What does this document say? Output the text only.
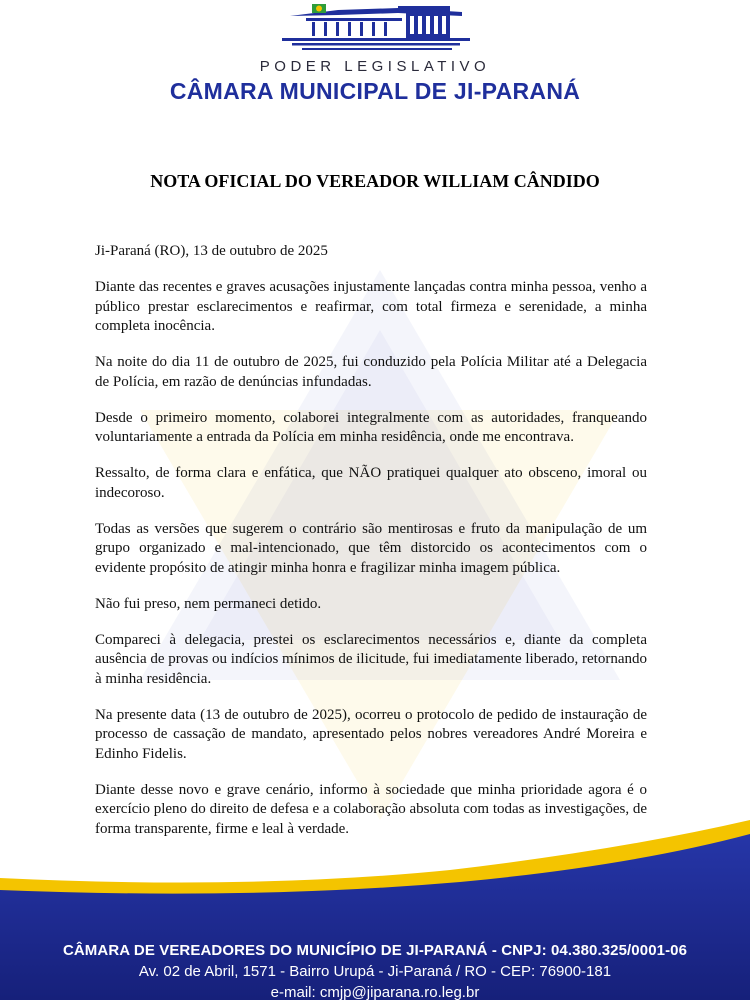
PODER LEGISLATIVO
CÂMARA MUNICIPAL DE JI-PARANÁ
NOTA OFICIAL DO VEREADOR WILLIAM CÂNDIDO

Ji-Paraná (RO), 13 de outubro de 2025

Diante das recentes e graves acusações injustamente lançadas contra minha pessoa, venho a público prestar esclarecimentos e reafirmar, com total firmeza e serenidade, a minha completa inocência.

Na noite do dia 11 de outubro de 2025, fui conduzido pela Polícia Militar até a Delegacia de Polícia, em razão de denúncias infundadas.

Desde o primeiro momento, colaborei integralmente com as autoridades, franqueando voluntariamente a entrada da Polícia em minha residência, onde me encontrava.

Ressalto, de forma clara e enfática, que NÃO pratiquei qualquer ato obsceno, imoral ou indecoroso.

Todas as versões que sugerem o contrário são mentirosas e fruto da manipulação de um grupo organizado e mal-intencionado, que têm distorcido os acontecimentos com o evidente propósito de atingir minha honra e fragilizar minha imagem pública.

Não fui preso, nem permaneci detido.

Compareci à delegacia, prestei os esclarecimentos necessários e, diante da completa ausência de provas ou indícios mínimos de ilicitude, fui imediatamente liberado, retornando à minha residência.

Na presente data (13 de outubro de 2025), ocorreu o protocolo de pedido de instauração de processo de cassação de mandato, apresentado pelos nobres vereadores André Moreira e Edinho Fidelis.

Diante desse novo e grave cenário, informo à sociedade que minha prioridade agora é o exercício pleno do direito de defesa e a colaboração absoluta com todas as investigações, de forma transparente, firme e leal à verdade.

CÂMARA DE VEREADORES DO MUNICÍPIO DE JI-PARANÁ - CNPJ: 04.380.325/0001-06
Av. 02 de Abril, 1571 - Bairro Urupá - Ji-Paraná / RO - CEP: 76900-181
e-mail: cmjp@jiparana.ro.leg.br
